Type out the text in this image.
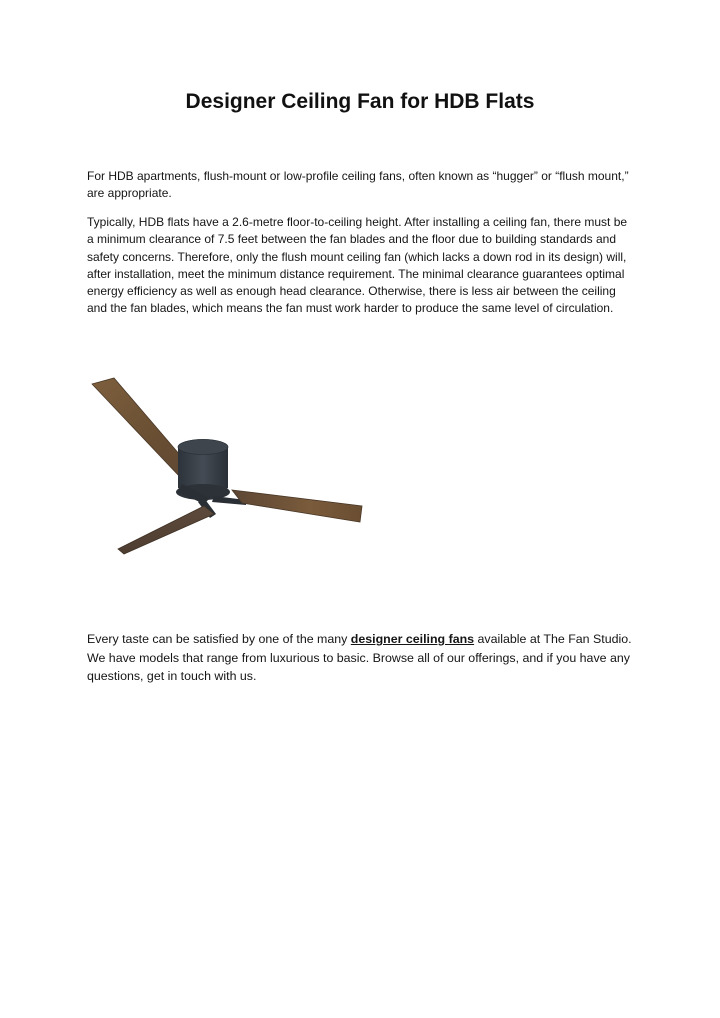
Designer Ceiling Fan for HDB Flats

For HDB apartments, flush-mount or low-profile ceiling fans, often known as “hugger” or “flush mount,” are appropriate.

Typically, HDB flats have a 2.6-metre floor-to-ceiling height. After installing a ceiling fan, there must be a minimum clearance of 7.5 feet between the fan blades and the floor due to building standards and safety concerns. Therefore, only the flush mount ceiling fan (which lacks a down rod in its design) will, after installation, meet the minimum distance requirement. The minimal clearance guarantees optimal energy efficiency as well as enough head clearance. Otherwise, there is less air between the ceiling and the fan blades, which means the fan must work harder to produce the same level of circulation.

Every taste can be satisfied by one of the many designer ceiling fans available at The Fan Studio. We have models that range from luxurious to basic. Browse all of our offerings, and if you have any questions, get in touch with us.
